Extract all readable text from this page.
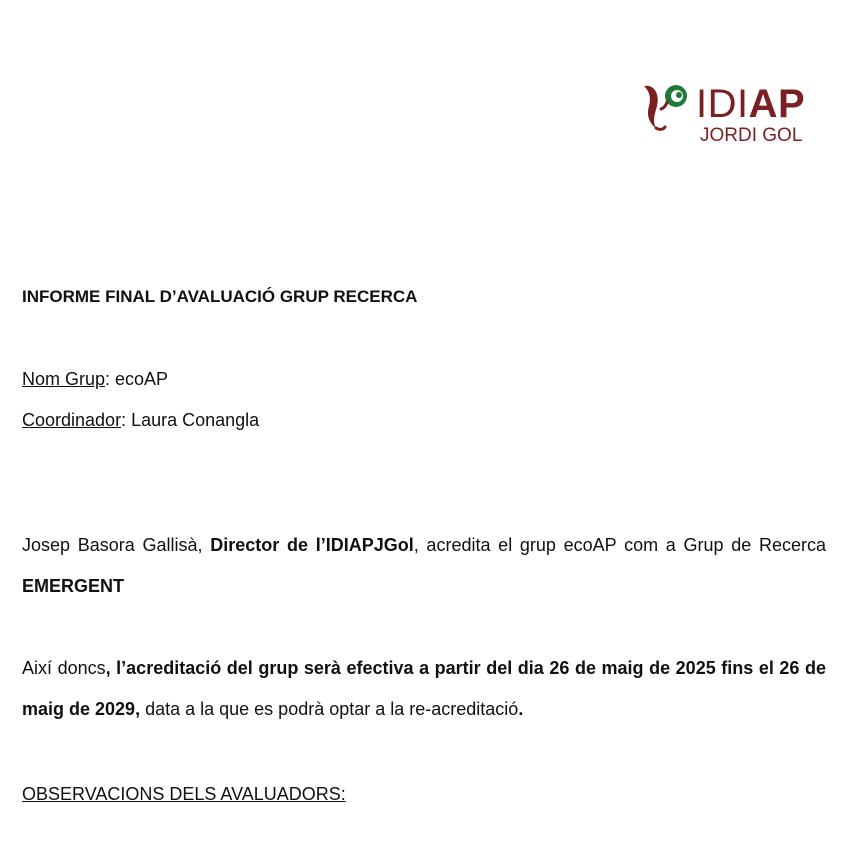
IDIAP
JORDI GOL
INFORME FINAL D’AVALUACIÓ GRUP RECERCA
Nom Grup: ecoAP
Coordinador: Laura Conangla

Josep Basora Gallisà, Director de l’IDIAPJGol, acredita el grup ecoAP com a Grup de Recerca EMERGENT

Així doncs, l’acreditació del grup serà efectiva a partir del dia 26 de maig de 2025 fins el 26 de maig de 2029, data a la que es podrà optar a la re-acreditació.

OBSERVACIONS DELS AVALUADORS:
